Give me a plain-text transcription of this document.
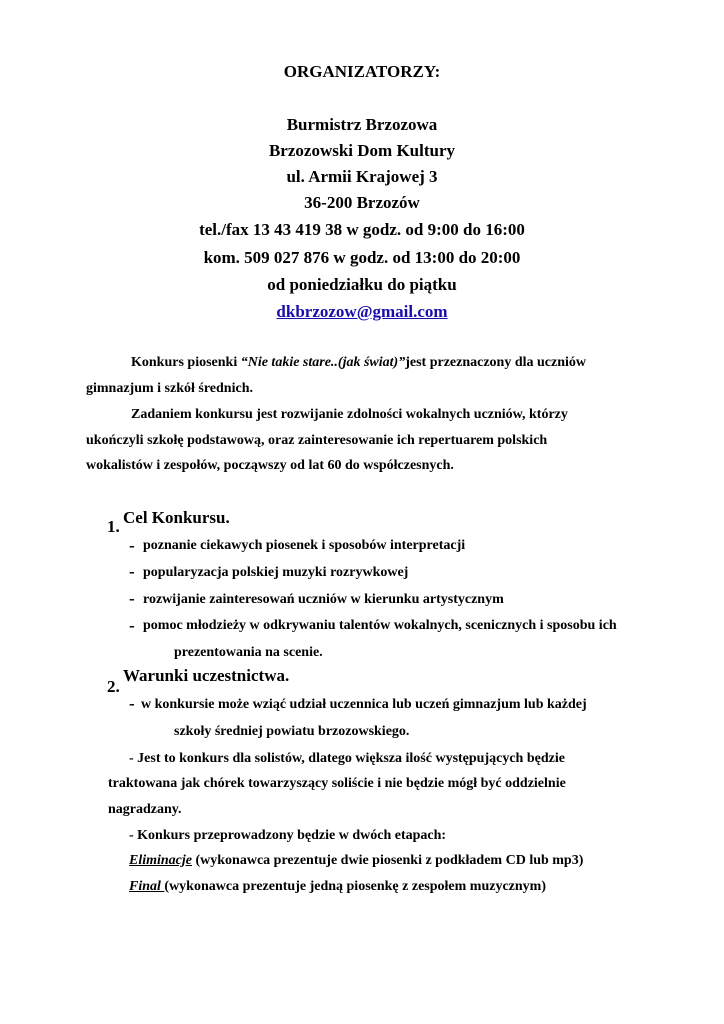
ORGANIZATORZY:
Burmistrz Brzozowa
Brzozowski Dom Kultury
ul. Armii Krajowej 3
36-200 Brzozów
tel./fax 13 43 419 38 w godz. od 9:00 do 16:00
kom. 509 027 876 w godz. od 13:00 do 20:00
od poniedziałku do piątku
dkbrzozow@gmail.com
Konkurs piosenki “Nie takie stare..(jak świat)”jest przeznaczony dla uczniów
gimnazjum i szkół średnich.
Zadaniem konkursu jest rozwijanie zdolności wokalnych uczniów, którzy
ukończyli szkołę podstawową, oraz zainteresowanie ich repertuarem polskich
wokalistów i zespołów, począwszy od lat 60 do współczesnych.
1. Cel Konkursu.
- poznanie ciekawych piosenek i sposobów interpretacji
- popularyzacja polskiej muzyki rozrywkowej
- rozwijanie zainteresowań uczniów w kierunku artystycznym
- pomoc młodzieży w odkrywaniu talentów wokalnych, scenicznych i sposobu ich
prezentowania na scenie.
2.
Warunki uczestnictwa.
- w konkursie może wziąć udział uczennica lub uczeń gimnazjum lub każdej
szkoły średniej powiatu brzozowskiego.
- Jest to konkurs dla solistów, dlatego większa ilość występujących będzie
traktowana jak chórek towarzyszący soliście i nie będzie mógł być oddzielnie
nagradzany.
- Konkurs przeprowadzony będzie w dwóch etapach:
Eliminacje (wykonawca prezentuje dwie piosenki z podkładem CD lub mp3)
Final (wykonawca prezentuje jedną piosenkę z zespołem muzycznym)
